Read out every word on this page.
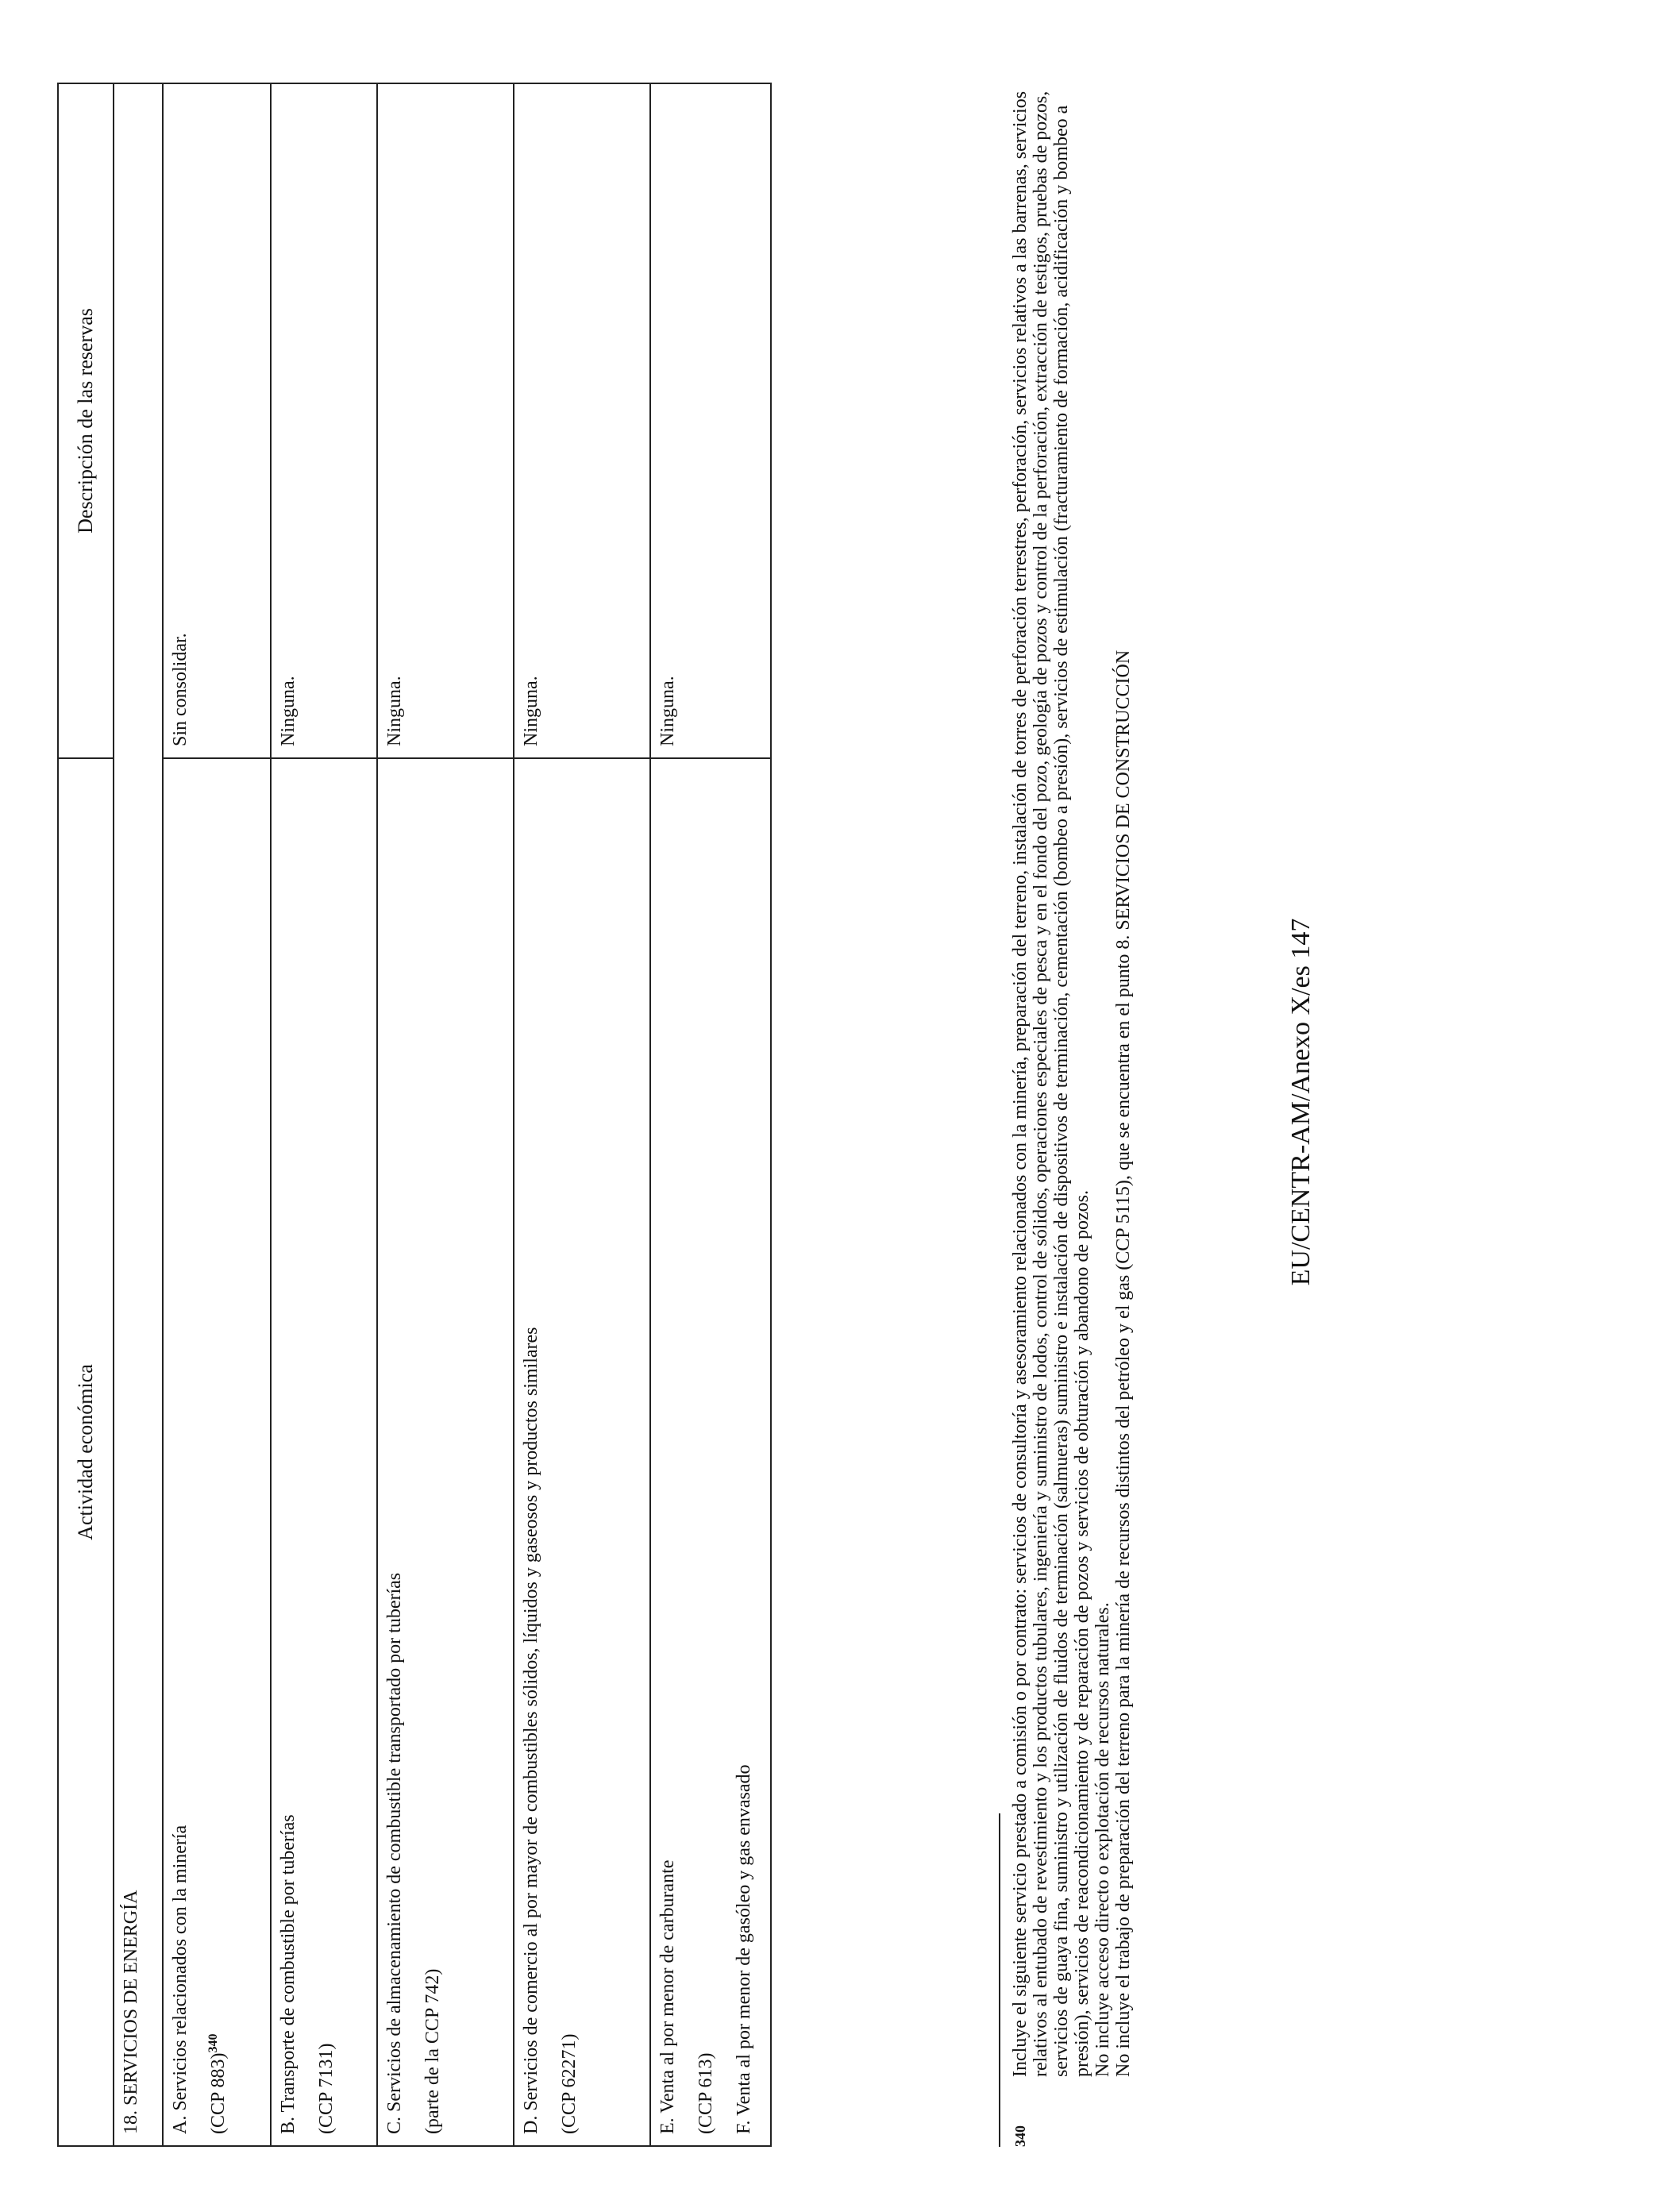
Actividad económica
Descripción de las reservas
18. SERVICIOS DE ENERGÍA	A. Servicios relacionados con la minería (CCP 883)$^{340}$

Sin consolidar.

B. Transporte de combustible por tuberías (CCP 7131)

Ninguna.

C. Servicios de almacenamiento de combustible transportado por tuberías (parte de la CCP 742)

Ninguna.

D. Servicios de comercio al por mayor de combustibles sólidos, líquidos y gaseosos y productos similares (CCP 62271)

Ninguna.

E. Venta al por menor de carburante (CCP 613) F. Venta al por menor de gasóleo y gas envasado

Ninguna.
340

Incluye el siguiente servicio prestado a comisión o por contrato: servicios de consultoría y asesoramiento relacionados con la minería, preparación del terreno, instalación de torres de perforación terrestres, perforación, servicios relativos a las barrenas, servicios relativos al entubado de revestimiento y los productos tubulares, ingeniería y suministro de lodos, control de sólidos, operaciones especiales de pesca y en el fondo del pozo, geología de pozos y control de la perforación, extracción de testigos, pruebas de pozos, servicios de guaya fina, suministro y utilización de fluidos de terminación (salmueras) suministro e instalación de dispositivos de terminación, cementación (bombeo a presión), servicios de estimulación (fracturamiento de formación, acidificación y bombeo a presión), servicios de reacondicionamiento y de reparación de pozos y servicios de obturación y abandono de pozos. No incluye acceso directo o explotación de recursos naturales. No incluye el trabajo de preparación del terreno para la minería de recursos distintos del petróleo y el gas (CCP 5115), que se encuentra en el punto 8. SERVICIOS DE CONSTRUCCIÓN	EU/CENTR-AM/Anexo X/es 147
